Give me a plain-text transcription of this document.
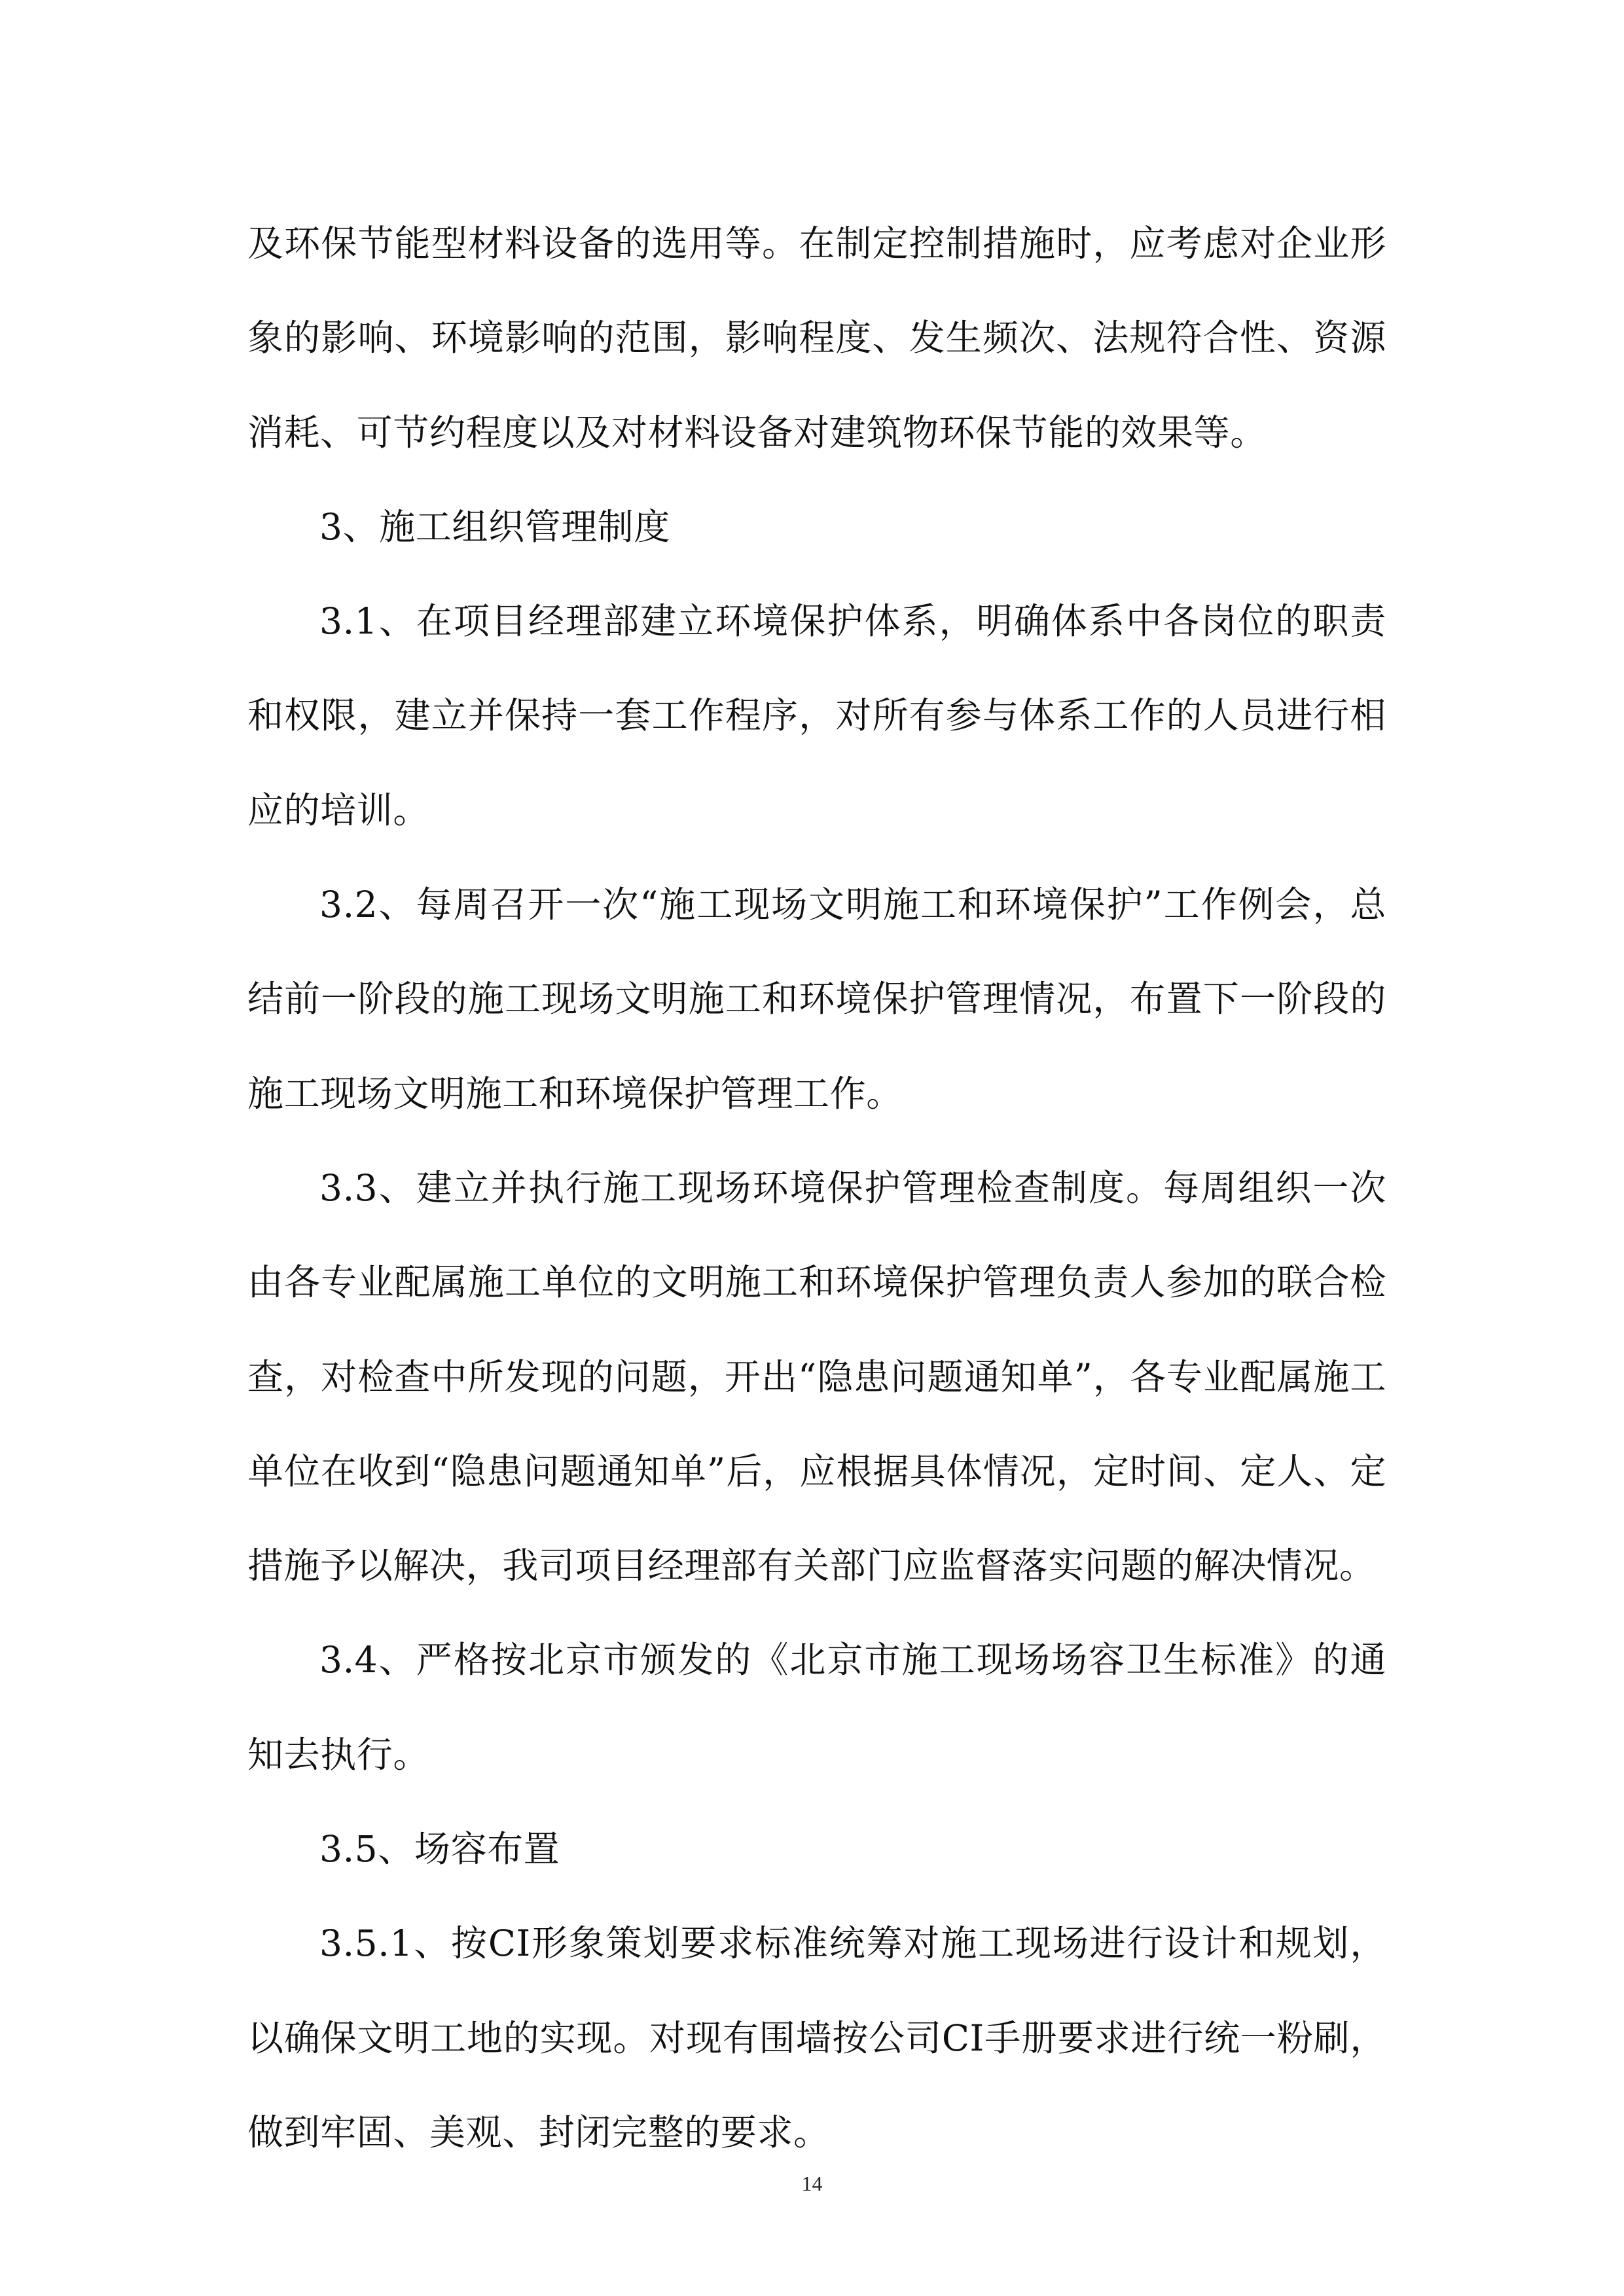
及环保节能型材料设备的选用等。在制定控制措施时，应考虑对企业形象的影响、环境影响的范围，影响程度、发生频次、法规符合性、资源消耗、可节约程度以及对材料设备对建筑物环保节能的效果等。

3、施工组织管理制度

3.1、在项目经理部建立环境保护体系，明确体系中各岗位的职责和权限，建立并保持一套工作程序，对所有参与体系工作的人员进行相应的培训。

3.2、每周召开一次“施工现场文明施工和环境保护”工作例会，总结前一阶段的施工现场文明施工和环境保护管理情况，布置下一阶段的施工现场文明施工和环境保护管理工作。

3.3、建立并执行施工现场环境保护管理检查制度。每周组织一次由各专业配属施工单位的文明施工和环境保护管理负责人参加的联合检查，对检查中所发现的问题，开出“隐患问题通知单”，各专业配属施工单位在收到“隐患问题通知单”后，应根据具体情况，定时间、定人、定措施予以解决，我司项目经理部有关部门应监督落实问题的解决情况。

3.4、严格按北京市颁发的《北京市施工现场场容卫生标准》的通知去执行。

3.5、场容布置

3.5.1、按CI形象策划要求标准统筹对施工现场进行设计和规划，以确保文明工地的实现。对现有围墙按公司CI手册要求进行统一粉刷，做到牢固、美观、封闭完整的要求。

14
